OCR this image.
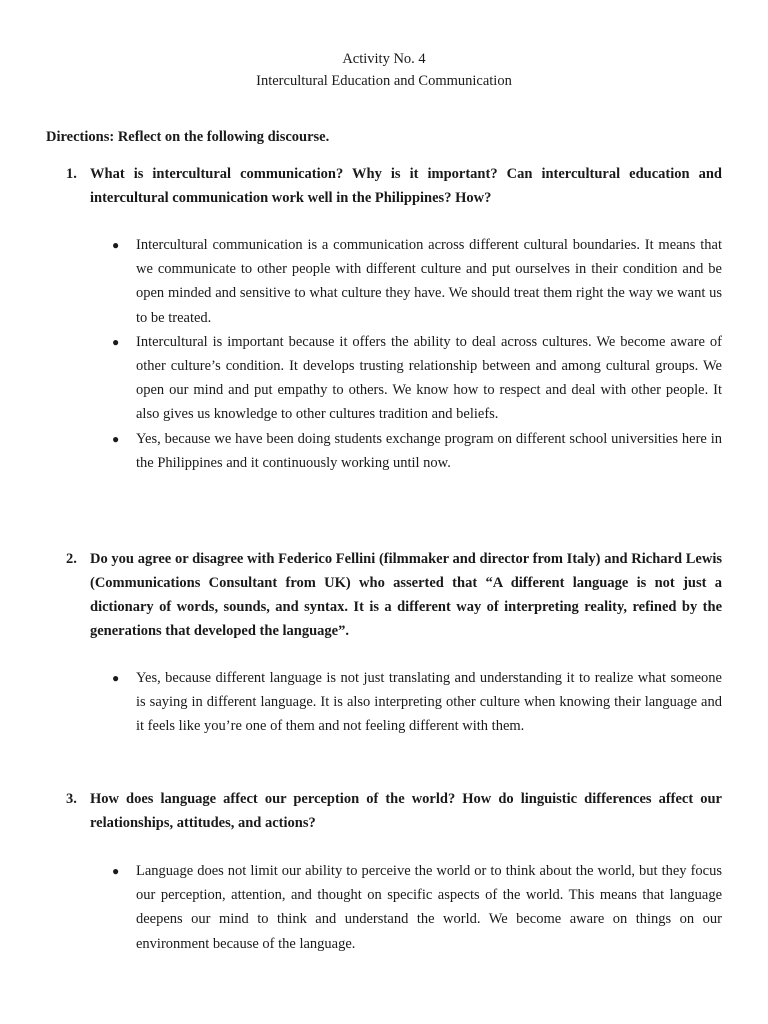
Activity No. 4
Intercultural Education and Communication
Directions: Reflect on the following discourse.
1. What is intercultural communication? Why is it important? Can intercultural education and intercultural communication work well in the Philippines? How?
● Intercultural communication is a communication across different cultural boundaries. It means that we communicate to other people with different culture and put ourselves in their condition and be open minded and sensitive to what culture they have. We should treat them right the way we want us to be treated.
● Intercultural is important because it offers the ability to deal across cultures. We become aware of other culture’s condition. It develops trusting relationship between and among cultural groups. We open our mind and put empathy to others. We know how to respect and deal with other people. It also gives us knowledge to other cultures tradition and beliefs.
● Yes, because we have been doing students exchange program on different school universities here in the Philippines and it continuously working until now.
2. Do you agree or disagree with Federico Fellini (filmmaker and director from Italy) and Richard Lewis (Communications Consultant from UK) who asserted that “A different language is not just a dictionary of words, sounds, and syntax. It is a different way of interpreting reality, refined by the generations that developed the language”.
● Yes, because different language is not just translating and understanding it to realize what someone is saying in different language. It is also interpreting other culture when knowing their language and it feels like you’re one of them and not feeling different with them.
3. How does language affect our perception of the world? How do linguistic differences affect our relationships, attitudes, and actions?
● Language does not limit our ability to perceive the world or to think about the world, but they focus our perception, attention, and thought on specific aspects of the world. This means that language deepens our mind to think and understand the world. We become aware on things on our environment because of the language.
